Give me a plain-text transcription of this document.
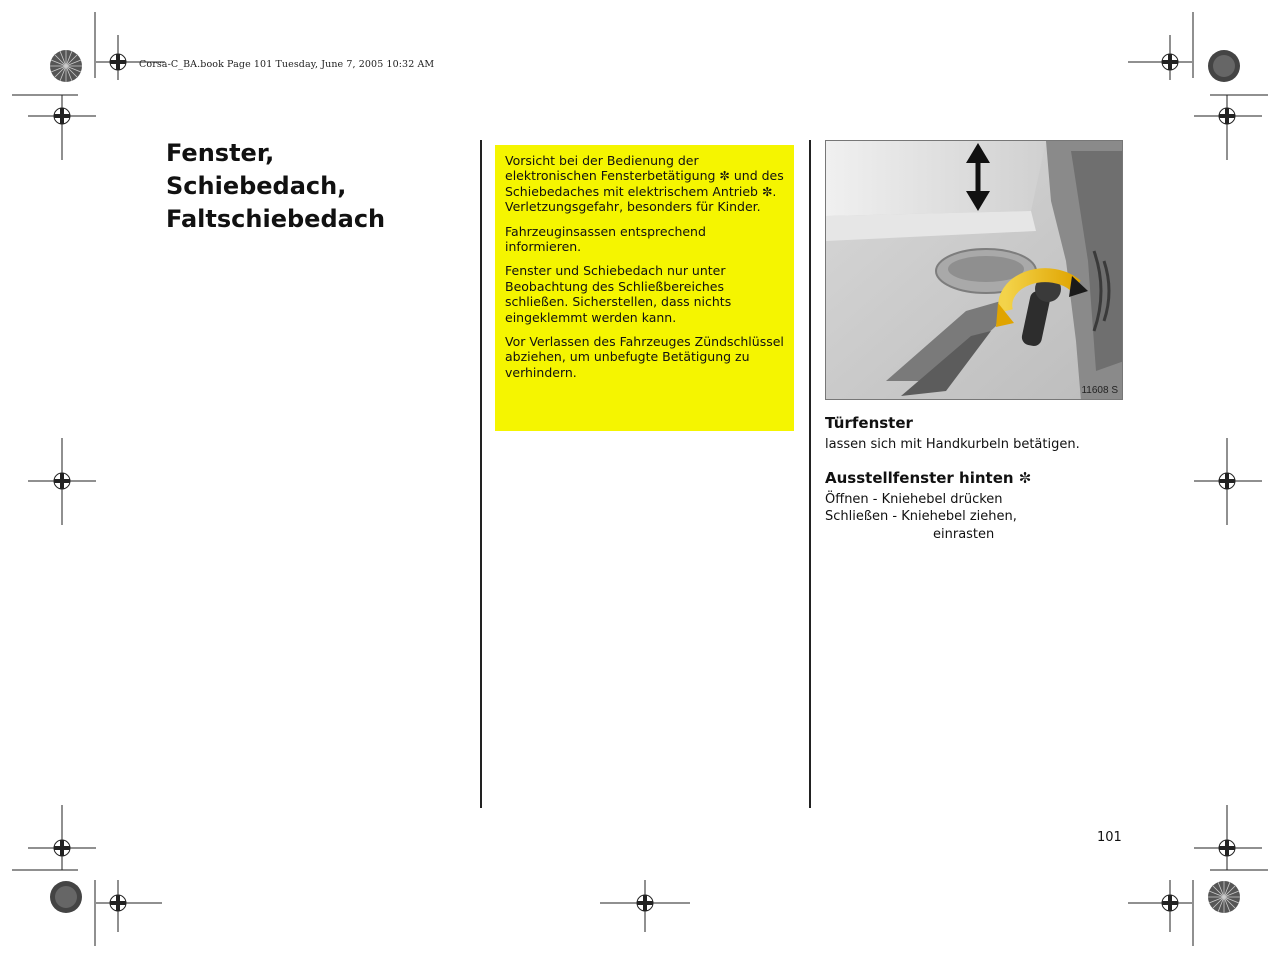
Corsa-C_BA.book Page 101 Tuesday, June 7, 2005 10:32 AM
Fenster,
Schiebedach,
Faltschiebedach

Vorsicht bei der Bedienung der elektronischen Fensterbetätigung ✼ und des Schiebedaches mit elektrischem Antrieb ✼. Verletzungsgefahr, besonders für Kinder.

Fahrzeuginsassen entsprechend informieren.

Fenster und Schiebedach nur unter Beobachtung des Schließbereiches schließen. Sicherstellen, dass nichts eingeklemmt werden kann.

Vor Verlassen des Fahrzeuges Zündschlüssel abziehen, um unbefugte Betätigung zu verhindern.

11608 S
Türfenster
lassen sich mit Handkurbeln betätigen.
Ausstellfenster hinten ✼
Öffnen - Kniehebel drücken
Schließen - Kniehebel ziehen,
einrasten
101
